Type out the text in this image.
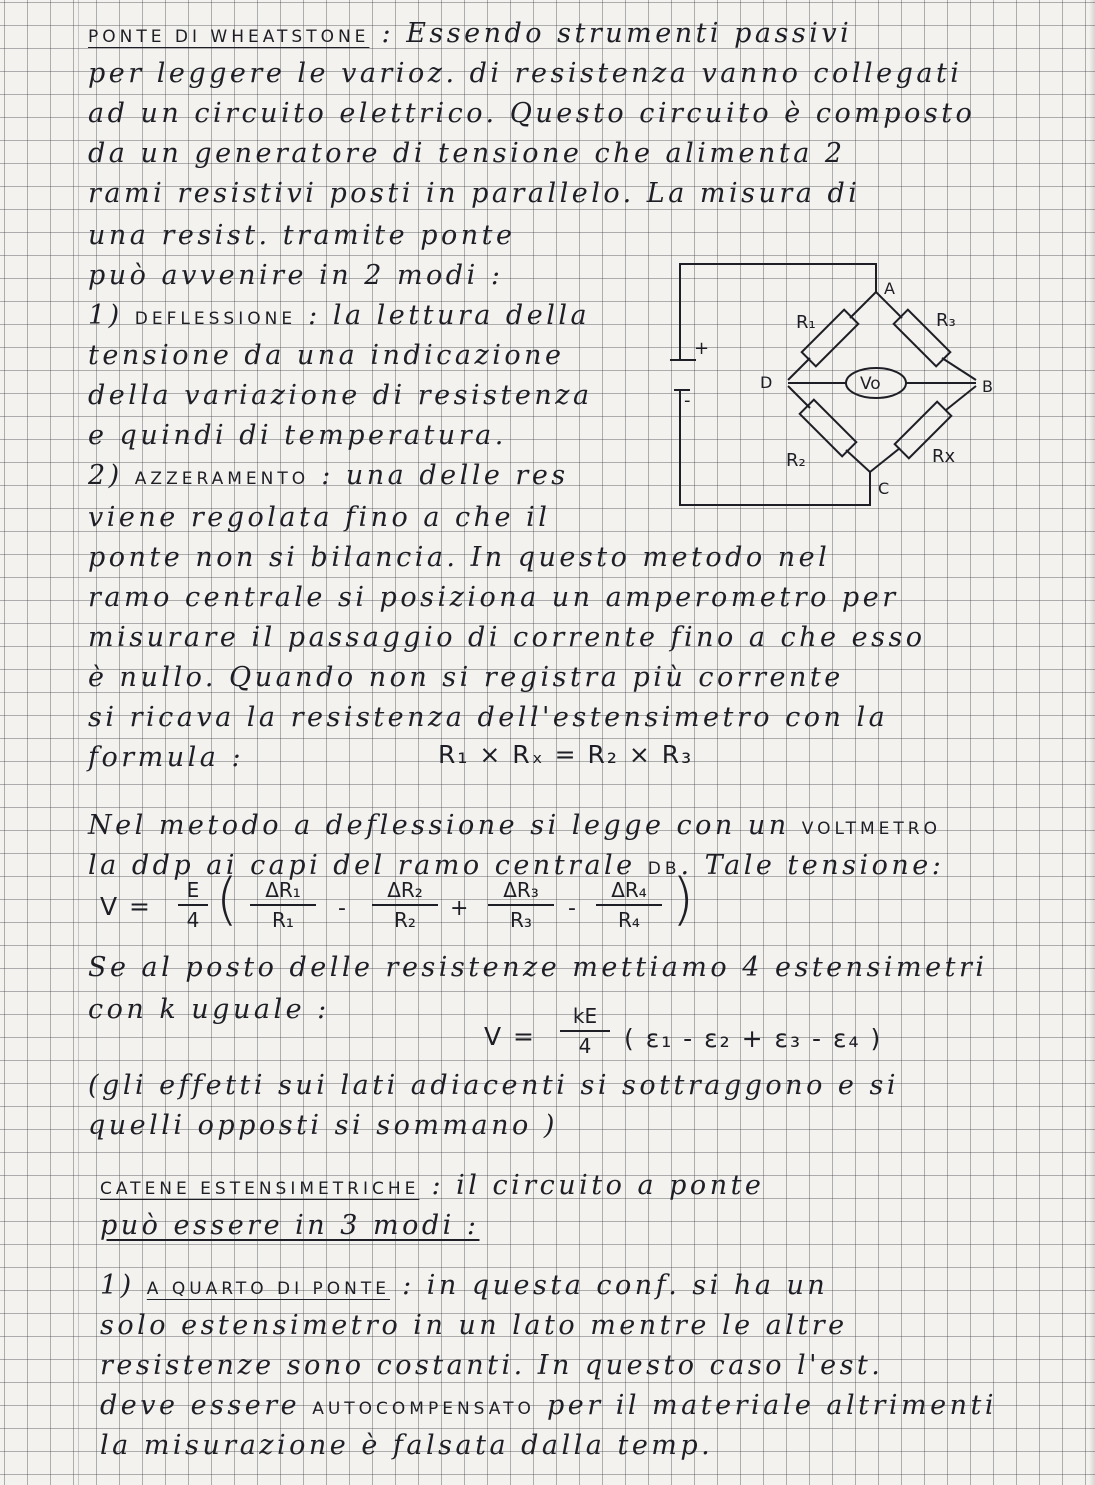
PONTE DI WHEATSTONE : Essendo strumenti passivi
per leggere le varioz. di resistenza vanno collegati
ad un circuito elettrico. Questo circuito è composto
da un generatore di tensione che alimenta 2
rami resistivi posti in parallelo. La misura di
una resist. tramite ponte
può avvenire in 2 modi :
1) DEFLESSIONE : la lettura della
tensione da una indicazione
della variazione di resistenza
e quindi di temperatura.
2) AZZERAMENTO : una delle res
viene regolata fino a che il
ponte non si bilancia. In questo metodo nel
ramo centrale si posiziona un amperometro per
misurare il passaggio di corrente fino a che esso
è nullo. Quando non si registra più corrente
si ricava la resistenza dell'estensimetro con la
formula :
Nel metodo a deflessione si legge con un VOLTMETRO
la ddp ai capi del ramo centrale DB. Tale tensione:
Se al posto delle resistenze mettiamo 4 estensimetri
con k uguale :
(gli effetti sui lati adiacenti si sottraggono e si
quelli opposti si sommano )
CATENE ESTENSIMETRICHE : il circuito a ponte
può essere in 3 modi :
1) A QUARTO DI PONTE : in questa conf. si ha un
solo estensimetro in un lato mentre le altre
resistenze sono costanti. In questo caso l'est.
deve essere AUTOCOMPENSATO per il materiale altrimenti
la misurazione è falsata dalla temp.
R₁ × Rₓ = R₂ × R₃
$V = \frac{E}{4}$ ( $\frac{\text{ΔR₁}}{\text{R₁}} - \frac{\text{ΔR₂}}{\text{R₂}} + \frac{\text{ΔR₃}}{\text{R₃}} - \frac{\text{ΔR₄}}{\text{R₄}}$ )
$V = \frac{kE}{4}$ ( ε₁ - ε₂ + ε₃ - ε₄ )
A
B
C
D
R₁	R₃
R₂	Rx
Vo
+
-
